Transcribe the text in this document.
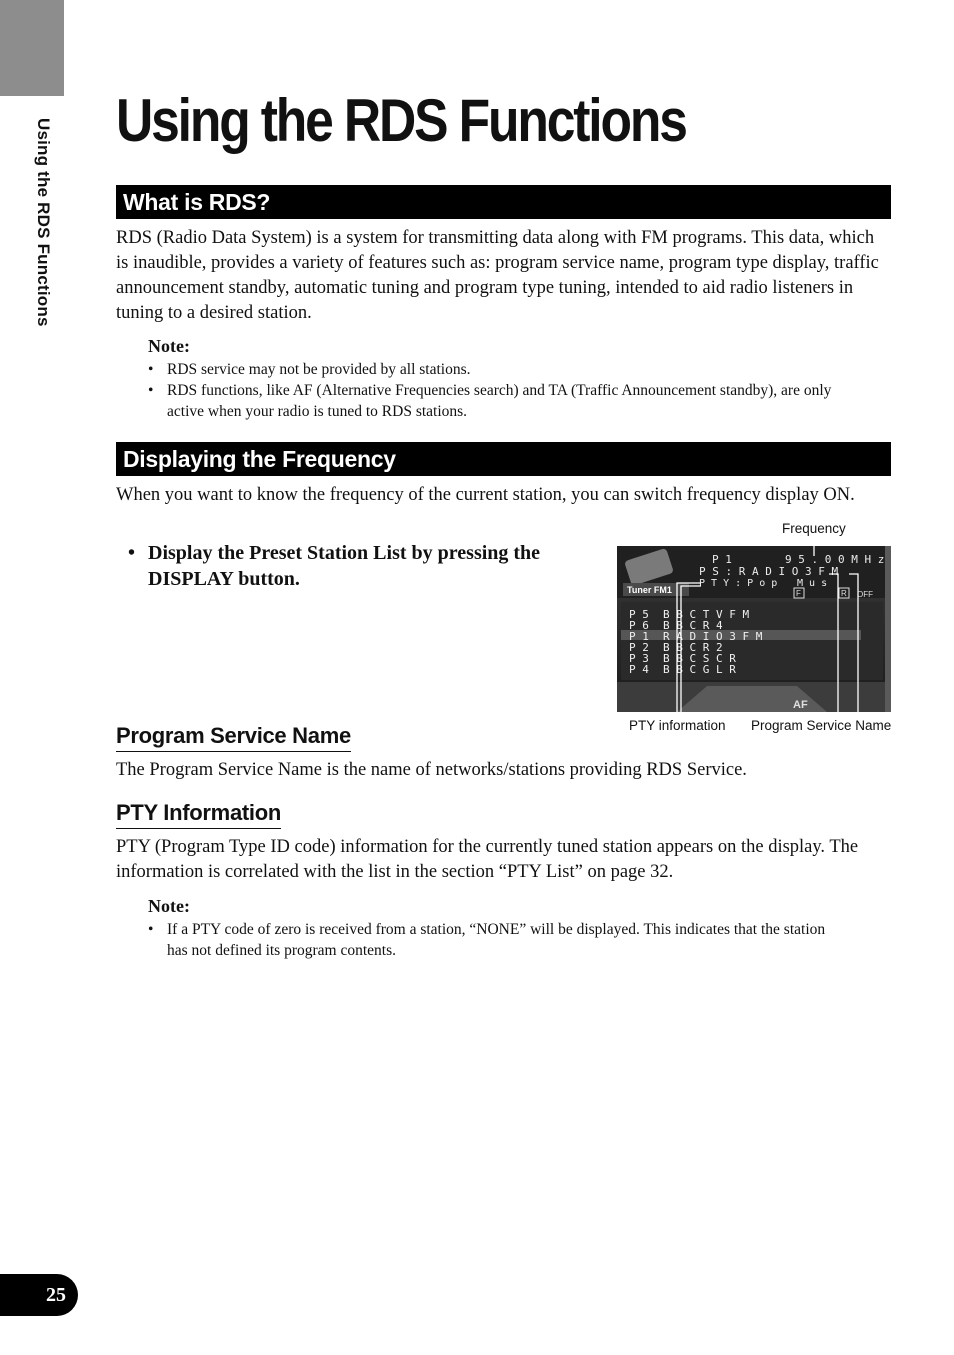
Using the RDS Functions Using the RDS Functions
What is RDS?

RDS (Radio Data System) is a system for transmitting data along with FM programs. This data, which is inaudible, provides a variety of features such as: program service name, program type display, traffic announcement standby, automatic tuning and program type tuning, intended to aid radio listeners in tuning to a desired station.

Note:

• RDS service may not be provided by all stations.
• RDS functions, like AF (Alternative Frequencies search) and TA (Traffic Announcement standby), are only active when your radio is tuned to RDS stations.
Displaying the Frequency

When you want to know the frequency of the current station, you can switch frequency display ON.

• Display the Preset Station List by pressing the DISPLAY button.

Frequency
PTY information Program Service Name
Tuner FM1
P 1	9 5 . 0 0 M H z
P S : R A D I O 3 F M
P T Y : P o p M u s
F	R OFF
P 5 B B C T V F M
P 6 B B C R 4
P 1 R A D I O 3 F M
P 2 B B C R 2
P 3 B B C S C R
P 4 B B C G L R
AF
Program Service Name

The Program Service Name is the name of networks/stations providing RDS Service.

PTY Information

PTY (Program Type ID code) information for the currently tuned station appears on the display. The information is correlated with the list in the section “PTY List” on page 32.

Note:

• If a PTY code of zero is received from a station, “NONE” will be displayed. This indicates that the station has not defined its program contents.
25
